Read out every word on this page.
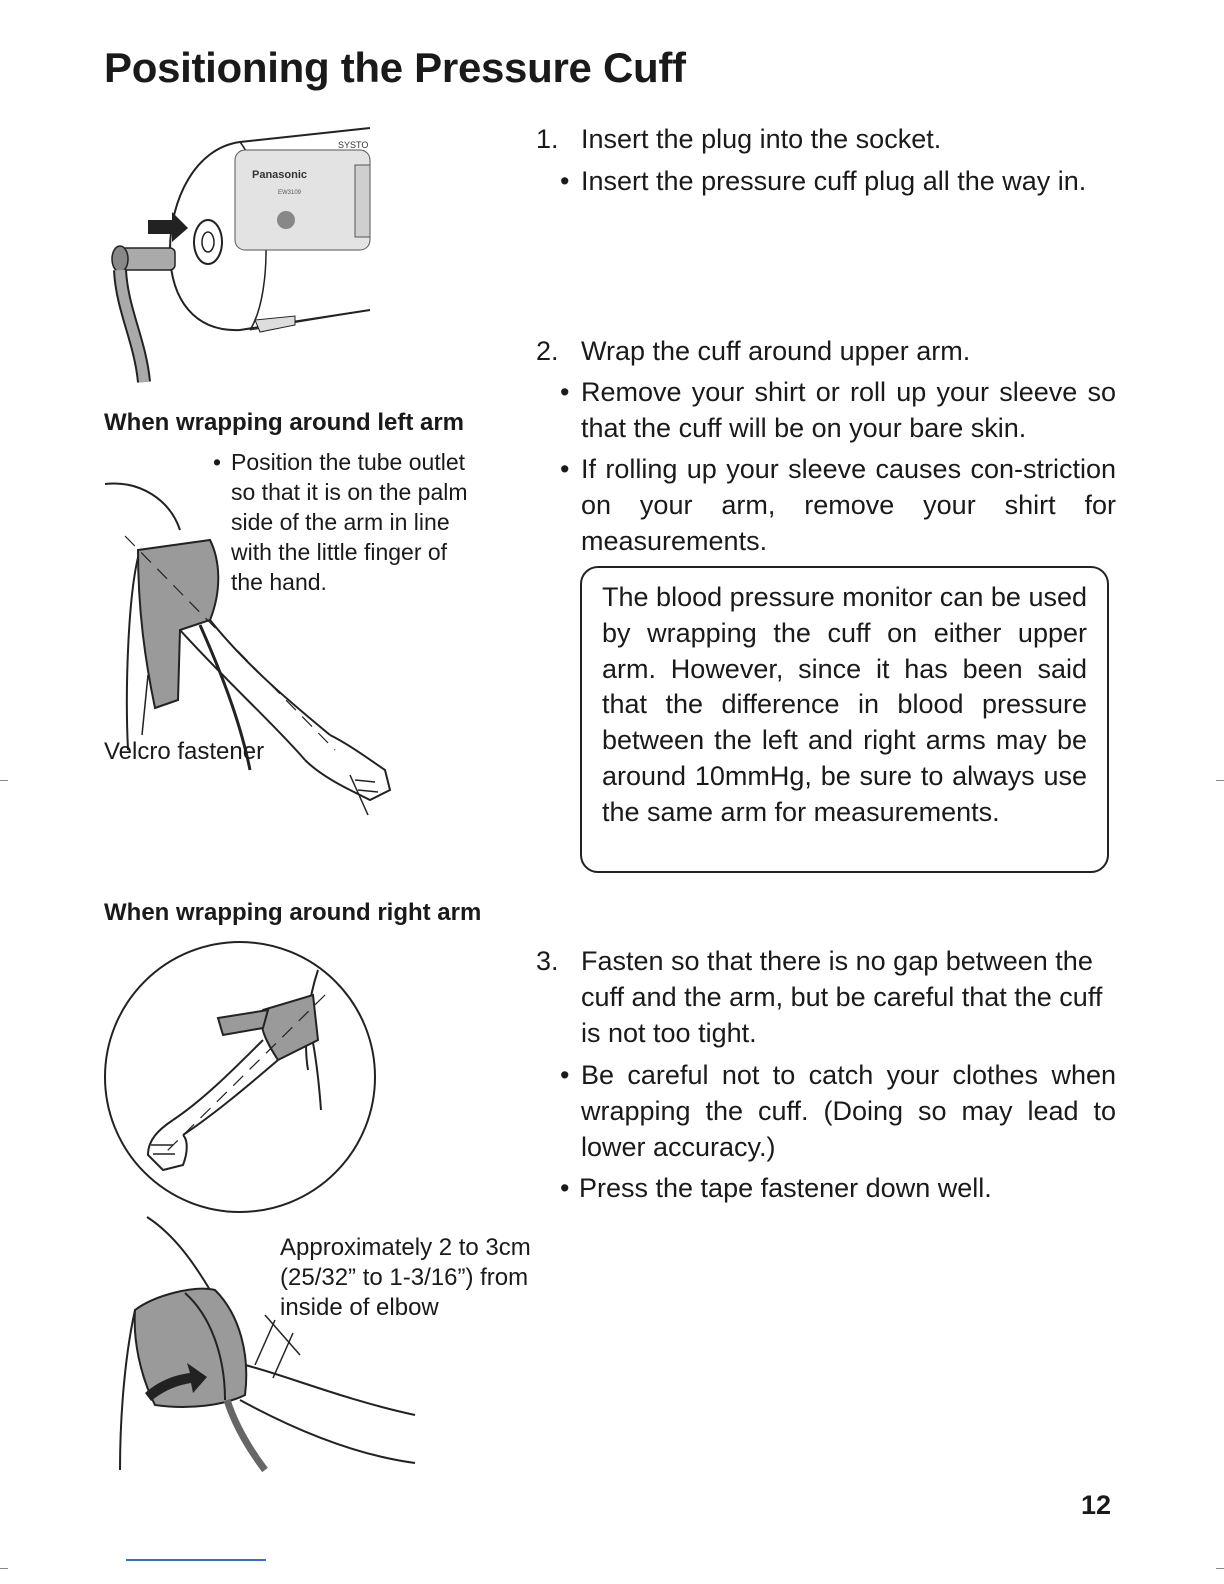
Positioning the Pressure Cuff
Panasonic
EW3109
SYSTO
When wrapping around left arm
• Position the tube outlet
so that it is on the palm
side of the arm in line
with the little finger of
the hand.
Velcro fastener
When wrapping around right arm
Approximately 2 to 3cm
(25/32” to 1-3/16”) from
inside of elbow
1. Insert the plug into the socket.
• Insert the pressure cuff plug all the way in.
2. Wrap the cuff around upper arm.
• Remove your shirt or roll up your sleeve so that the cuff will be on your bare skin.
• If rolling up your sleeve causes con-striction on your arm, remove your shirt for measurements.
The blood pressure monitor can be used by wrapping the cuff on either upper arm. However, since it has been said that the difference in blood pressure between the left and right arms may be around 10mmHg, be sure to always use the same arm for measurements.
3. Fasten so that there is no gap between the cuff and the arm, but be careful that the cuff is not too tight.
• Be careful not to catch your clothes when wrapping the cuff. (Doing so may lead to lower accuracy.)
• Press the tape fastener down well.
12
